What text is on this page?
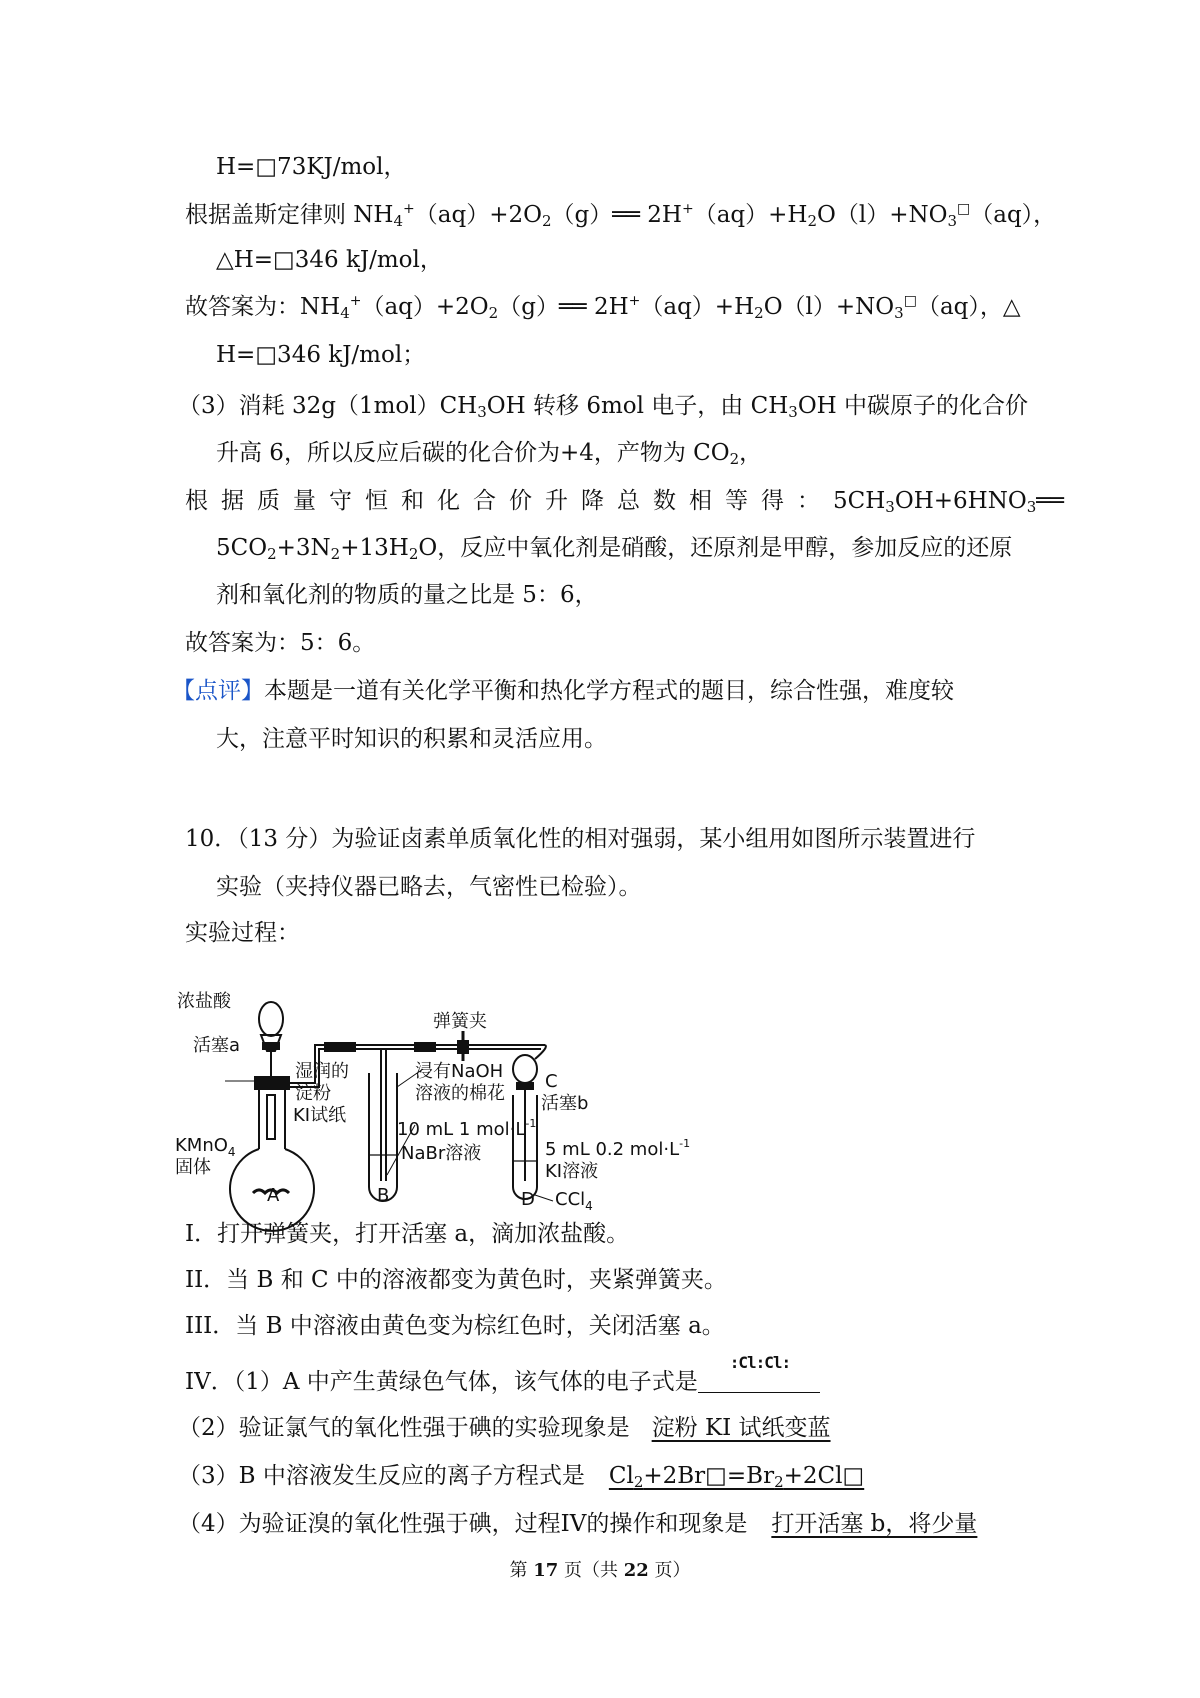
H=□73KJ/mol，
根据盖斯定律则 $NH_4^+(aq)+2O_2(g)══$ $2H^+(aq)+H_2O(l)+NO_3^□(aq)$，
△H=□346 kJ/mol，
故答案为：$NH_4^+(aq)+2O_2(g)══$ $2H^+(aq)+H_2O(l)+NO_3^□(aq)$，△
H=□346 kJ/mol；
（3）消耗 $32g(1mol)CH_3OH$ 转移 6mol 电子，由 $CH_3OH$ 中碳原子的化合价
升高 6，所以反应后碳的化合价为+4，产物为 $CO_2$，
根据质量守恒和化合价升降总数相等得：$5CH_3OH+6HNO_3══$
$5CO_2+3N_2+13H_2O$，反应中氧化剂是硝酸，还原剂是甲醇，参加反应的还原
剂和氧化剂的物质的量之比是 5：6，
故答案为：5：6。
【点评】本题是一道有关化学平衡和热化学方程式的题目，综合性强，难度较
大，注意平时知识的积累和灵活应用。
10．（13 分）为验证卤素单质氧化性的相对强弱，某小组用如图所示装置进行
实验（夹持仪器已略去，气密性已检验）。
实验过程：
浓盐酸
活塞a
湿润的
淀粉
KI试纸
KMnO$_4$
固体
A
弹簧夹
浸有NaOH
溶液的棉花
C
活塞b
10 mL 1 $mol\cdot L^{-1}$
NaBr溶液
B
5 mL 0.2 $mol\cdot L^{-1}$
KI溶液
CCl$_4$
D
I．打开弹簧夹，打开活塞 a，滴加浓盐酸。
II．当 B 和 C 中的溶液都变为黄色时，夹紧弹簧夹。
III．当 B 中溶液由黄色变为棕红色时，关闭活塞 a。
IV．（1）A 中产生黄绿色气体，该气体的电子式是
:Cl:Cl:
（2）验证氯气的氧化性强于碘的实验现象是 淀粉 KI 试纸变蓝
（3）B 中溶液发生反应的离子方程式是 $Cl_2+2Br□=Br_2+2Cl□$
（4）为验证溴的氧化性强于碘，过程IV的操作和现象是 打开活塞 b，将少量
第 17 页（共 22 页）
